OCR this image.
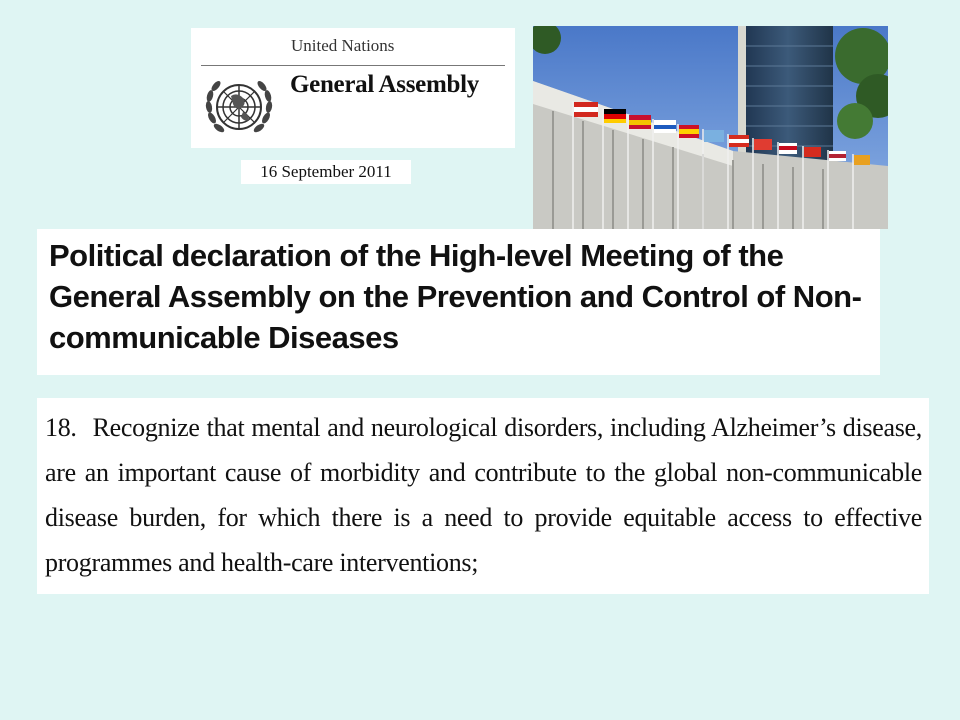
United Nations
General Assembly
16 September 2011
Political declaration of the High-level Meeting of the General Assembly on the Prevention and Control of Non-communicable Diseases
18. Recognize that mental and neurological disorders, including Alzheimer’s disease, are an important cause of morbidity and contribute to the global non-communicable disease burden, for which there is a need to provide equitable access to effective programmes and health-care interventions;
